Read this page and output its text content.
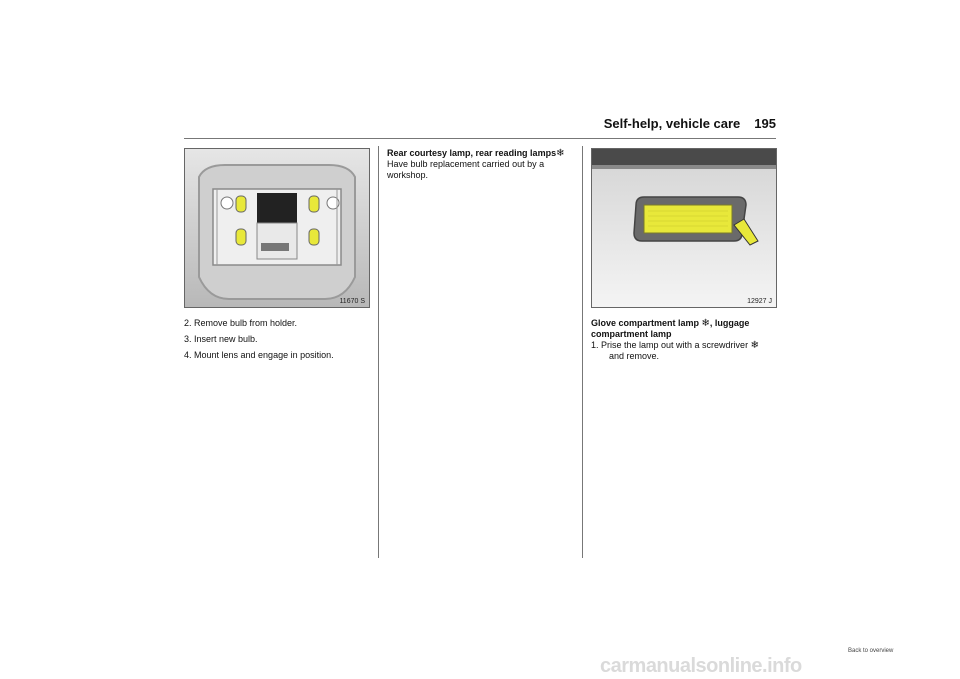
Self-help, vehicle care 195
11670 S

2. Remove bulb from holder.

3. Insert new bulb.

4. Mount lens and engage in position.

Rear courtesy lamp, rear reading lamps❄
Have bulb replacement carried out by a workshop.
12927 J
Glove compartment lamp ❄, luggage compartment lamp
1. Prise the lamp out with a screwdriver ❄
and remove.
Back to overview
carmanualsonline.info
